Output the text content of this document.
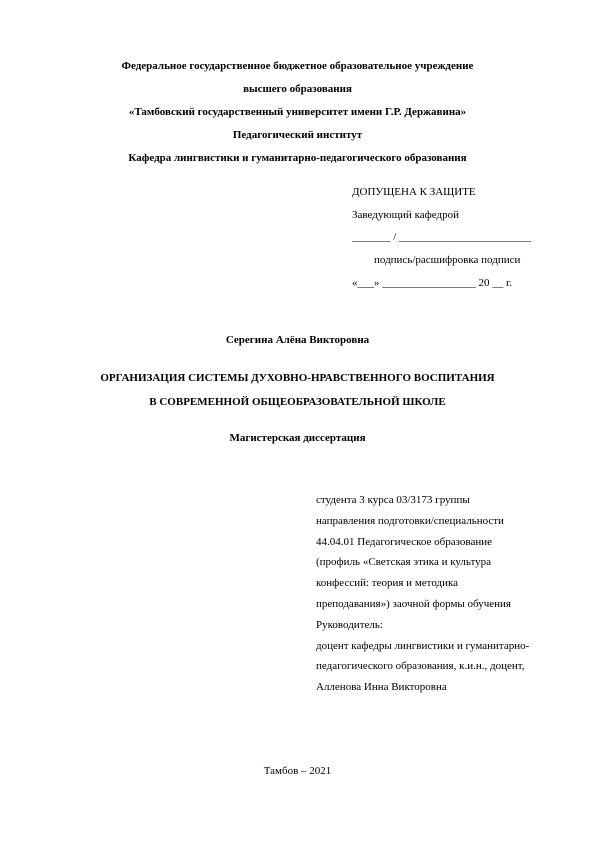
Федеральное государственное бюджетное образовательное учреждение
высшего образования
«Тамбовский государственный университет имени Г.Р. Державина»
Педагогический институт
Кафедра лингвистики и гуманитарно-педагогического образования
ДОПУЩЕНА К ЗАЩИТЕ
Заведующий кафедрой
_______ / ________________________
подпись/расшифровка подписи
«___» _________________ 20 __ г.
Серегина Алёна Викторовна
ОРГАНИЗАЦИЯ СИСТЕМЫ ДУХОВНО-НРАВСТВЕННОГО ВОСПИТАНИЯ
В СОВРЕМЕННОЙ ОБЩЕОБРАЗОВАТЕЛЬНОЙ ШКОЛЕ
Магистерская диссертация
студента 3 курса 03/3173 группы
направления подготовки/специальности
44.04.01 Педагогическое образование
(профиль «Светская этика и культура
конфессий: теория и методика
преподавания») заочной формы обучения
Руководитель:
доцент кафедры лингвистики и гуманитарно-
педагогического образования, к.и.н., доцент,
Алленова Инна Викторовна
Тамбов – 2021
